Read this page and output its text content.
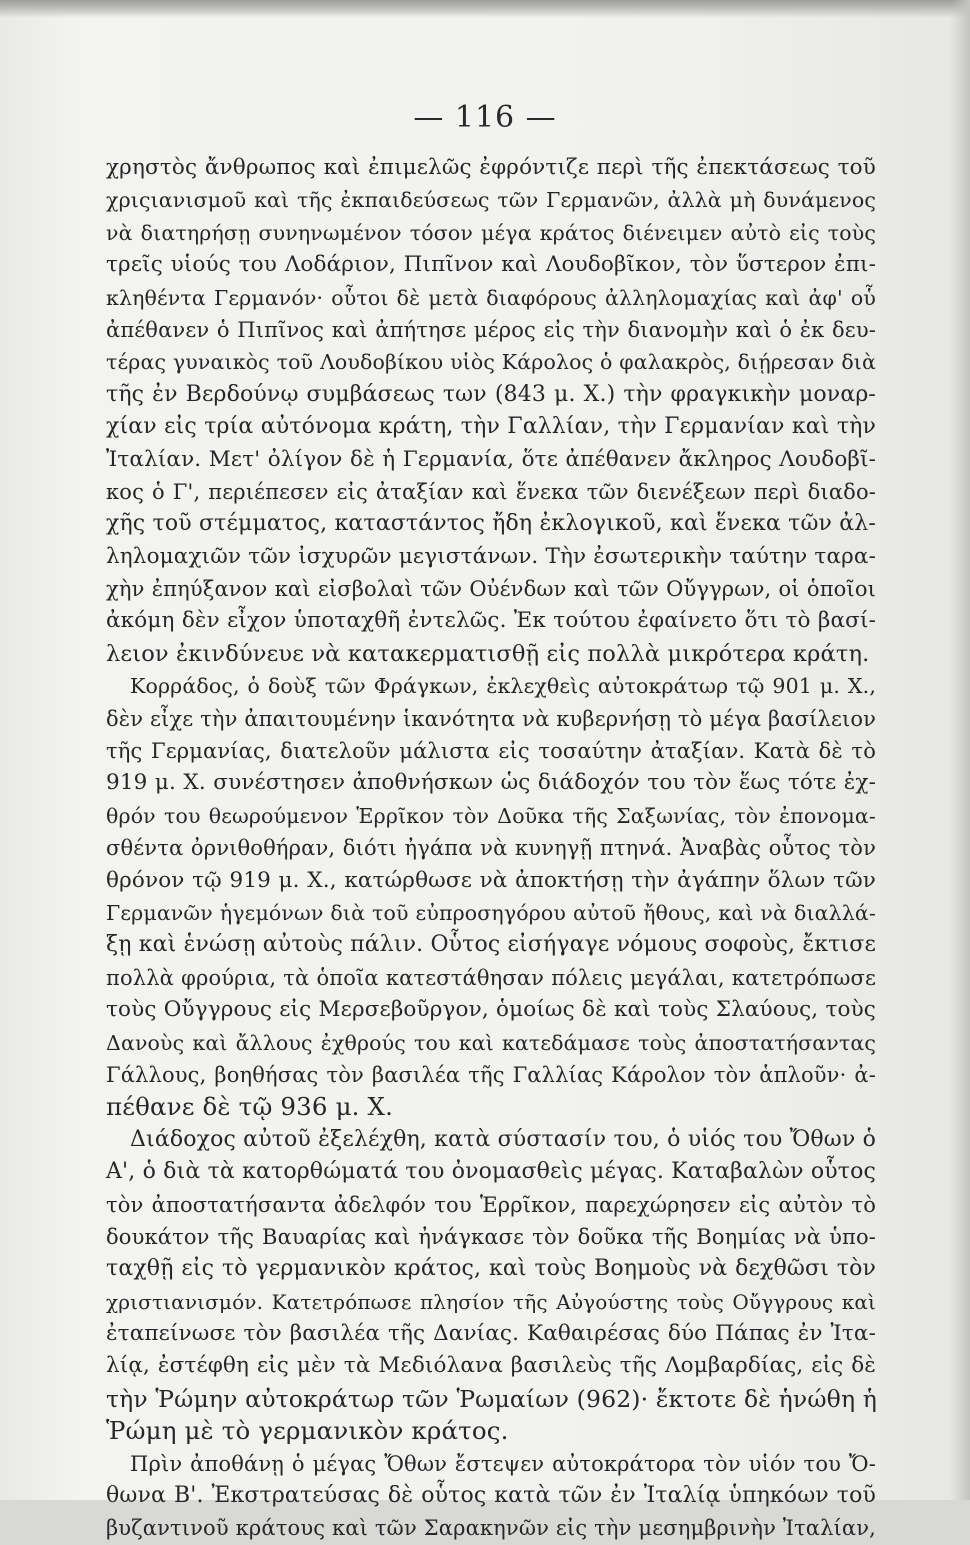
— 116 —
χρηστὸς ἄνθρωπος καὶ ἐπιμελῶς ἐφρόντιζε περὶ τῆς ἐπεκτάσεως τοῦ
χριςιανισμοῦ καὶ τῆς ἐκπαιδεύσεως τῶν Γερμανῶν, ἀλλὰ μὴ δυνάμενος
νὰ διατηρήσῃ συνηνωμένον τόσον μέγα κράτος διένειμεν αὐτὸ εἰς τοὺς
τρεῖς υἱούς του Λοδάριον, Πιπῖνον καὶ Λουδοβῖκον, τὸν ὕστερον ἐπι-
κληθέντα Γερμανόν· οὗτοι δὲ μετὰ διαφόρους ἀλληλομαχίας καὶ ἀφ' οὗ
ἀπέθανεν ὁ Πιπῖνος καὶ ἀπήτησε μέρος εἰς τὴν διανομὴν καὶ ὁ ἐκ δευ-
τέρας γυναικὸς τοῦ Λουδοβίκου υἱὸς Κάρολος ὁ φαλακρὸς, διῄρεσαν διὰ
τῆς ἐν Βερδούνῳ συμβάσεως των (843 μ. Χ.) τὴν φραγκικὴν μοναρ-
χίαν εἰς τρία αὐτόνομα κράτη, τὴν Γαλλίαν, τὴν Γερμανίαν καὶ τὴν
Ἰταλίαν. Μετ' ὀλίγον δὲ ἡ Γερμανία, ὅτε ἀπέθανεν ἄκληρος Λουδοβῖ-
κος ὁ Γ', περιέπεσεν εἰς ἀταξίαν καὶ ἕνεκα τῶν διενέξεων περὶ διαδο-
χῆς τοῦ στέμματος, καταστάντος ἤδη ἐκλογικοῦ, καὶ ἕνεκα τῶν ἀλ-
ληλομαχιῶν τῶν ἰσχυρῶν μεγιστάνων. Τὴν ἐσωτερικὴν ταύτην ταρα-
χὴν ἐπηύξανον καὶ εἰσβολαὶ τῶν Οὐένδων καὶ τῶν Οὔγγρων, οἱ ὁποῖοι
ἀκόμη δὲν εἶχον ὑποταχθῆ ἐντελῶς. Ἐκ τούτου ἐφαίνετο ὅτι τὸ βασί-
λειον ἐκινδύνευε νὰ κατακερματισθῇ εἰς πολλὰ μικρότερα κράτη.
Κορράδος, ὁ δοὺξ τῶν Φράγκων, ἐκλεχθεὶς αὐτοκράτωρ τῷ 901 μ. Χ.,
δὲν εἶχε τὴν ἀπαιτουμένην ἱκανότητα νὰ κυβερνήσῃ τὸ μέγα βασίλειον
τῆς Γερμανίας, διατελοῦν μάλιστα εἰς τοσαύτην ἀταξίαν. Κατὰ δὲ τὸ
919 μ. Χ. συνέστησεν ἀποθνήσκων ὡς διάδοχόν του τὸν ἕως τότε ἐχ-
θρόν του θεωρούμενον Ἑρρῖκον τὸν Δοῦκα τῆς Σαξωνίας, τὸν ἐπονομα-
σθέντα ὀρνιθοθήραν, διότι ἠγάπα νὰ κυνηγῇ πτηνά. Ἀναβὰς οὗτος τὸν
θρόνον τῷ 919 μ. Χ., κατώρθωσε νὰ ἀποκτήσῃ τὴν ἀγάπην ὅλων τῶν
Γερμανῶν ἡγεμόνων διὰ τοῦ εὐπροσηγόρου αὐτοῦ ἤθους, καὶ νὰ διαλλά-
ξῃ καὶ ἑνώσῃ αὐτοὺς πάλιν. Οὗτος εἰσήγαγε νόμους σοφοὺς, ἔκτισε
πολλὰ φρούρια, τὰ ὁποῖα κατεστάθησαν πόλεις μεγάλαι, κατετρόπωσε
τοὺς Οὔγγρους εἰς Μερσεβοῦργον, ὁμοίως δὲ καὶ τοὺς Σλαύους, τοὺς
Δανοὺς καὶ ἄλλους ἐχθρούς του καὶ κατεδάμασε τοὺς ἀποστατήσαντας
Γάλλους, βοηθήσας τὸν βασιλέα τῆς Γαλλίας Κάρολον τὸν ἁπλοῦν· ἀ-
πέθανε δὲ τῷ 936 μ. Χ.
Διάδοχος αὐτοῦ ἐξελέχθη, κατὰ σύστασίν του, ὁ υἱός του Ὄθων ὁ
Α', ὁ διὰ τὰ κατορθώματά του ὀνομασθεὶς μέγας. Καταβαλὼν οὗτος
τὸν ἀποστατήσαντα ἀδελφόν του Ἑρρῖκον, παρεχώρησεν εἰς αὐτὸν τὸ
δουκάτον τῆς Βαυαρίας καὶ ἠνάγκασε τὸν δοῦκα τῆς Βοημίας νὰ ὑπο-
ταχθῇ εἰς τὸ γερμανικὸν κράτος, καὶ τοὺς Βοημοὺς νὰ δεχθῶσι τὸν
χριστιανισμόν. Κατετρόπωσε πλησίον τῆς Αὐγούστης τοὺς Οὔγγρους καὶ
ἐταπείνωσε τὸν βασιλέα τῆς Δανίας. Καθαιρέσας δύο Πάπας ἐν Ἰτα-
λίᾳ, ἐστέφθη εἰς μὲν τὰ Μεδιόλανα βασιλεὺς τῆς Λομβαρδίας, εἰς δὲ
τὴν Ῥώμην αὐτοκράτωρ τῶν Ῥωμαίων (962)· ἔκτοτε δὲ ἡνώθη ἡ
Ῥώμη μὲ τὸ γερμανικὸν κράτος.
Πρὶν ἀποθάνῃ ὁ μέγας Ὄθων ἔστεψεν αὐτοκράτορα τὸν υἱόν του Ὄ-
θωνα Β'. Ἐκστρατεύσας δὲ οὗτος κατὰ τῶν ἐν Ἰταλίᾳ ὑπηκόων τοῦ
βυζαντινοῦ κράτους καὶ τῶν Σαρακηνῶν εἰς τὴν μεσημβρινὴν Ἰταλίαν,
